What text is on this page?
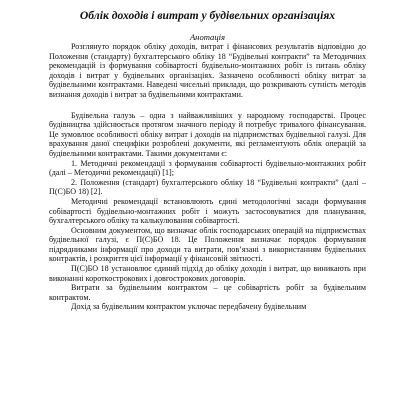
Облік доходів і витрат у будівельних організаціях
Анотація

Розглянуто порядок обліку доходів, витрат і фінансових результатів відповідно до Положення (стандарту) бухгалтерського обліку 18 “Будівельні контракти” та Методичних рекомендацій із формування собівартості будівельно-монтажних робіт із питань обліку доходів і витрат у будівельних організаціях. Зазначено особливості обліку витрат за будівельними контрактами. Наведені чисельні приклади, що розкривають сутність методів визнання доходів і витрат за будівельними контрактами.

Будівельна галузь – одна з найважливіших у народному господарстві. Процес будівництва здійснюється протягом значного періоду й потребує тривалого фінансування. Це зумовлює особливості обліку витрат і доходів на підприємствах будівельної галузі. Для врахування даної специфіки розроблені документи, які регламентують облік операцій за будівельними контрактами. Такими документами є:

1. Методичні рекомендації з формування собівартості будівельно-монтажних робіт (далі – Методичні рекомендації) [1];

2. Положення (стандарт) бухгалтерського обліку 18 “Будівельні контракти” (далі – П(С)БО 18) [2].

Методичні рекомендації встановлюють єдині методологічні засади формування собівартості будівельно-монтажних робіт і можуть застосовуватися для планування, бухгалтерського обліку та калькулювання собівартості.

Основним документом, що визначає облік господарських операцій на підприємствах будівельної галузі, є П(С)БО 18. Це Положення визначає порядок формування підрядниками інформації про доходи та витрати, пов’язані з використанням будівельних контрактів, і розкриття цієї інформації у фінансовій звітності.

П(С)БО 18 установлює єдиний підхід до обліку доходів і витрат, що виникають при виконанні короткострокових і довгострокових договорів.

Витрати за будівельним контрактом – це собівартість робіт за будівельним контрактом.

Дохід за будівельним контрактом уключає передбачену будівельним
